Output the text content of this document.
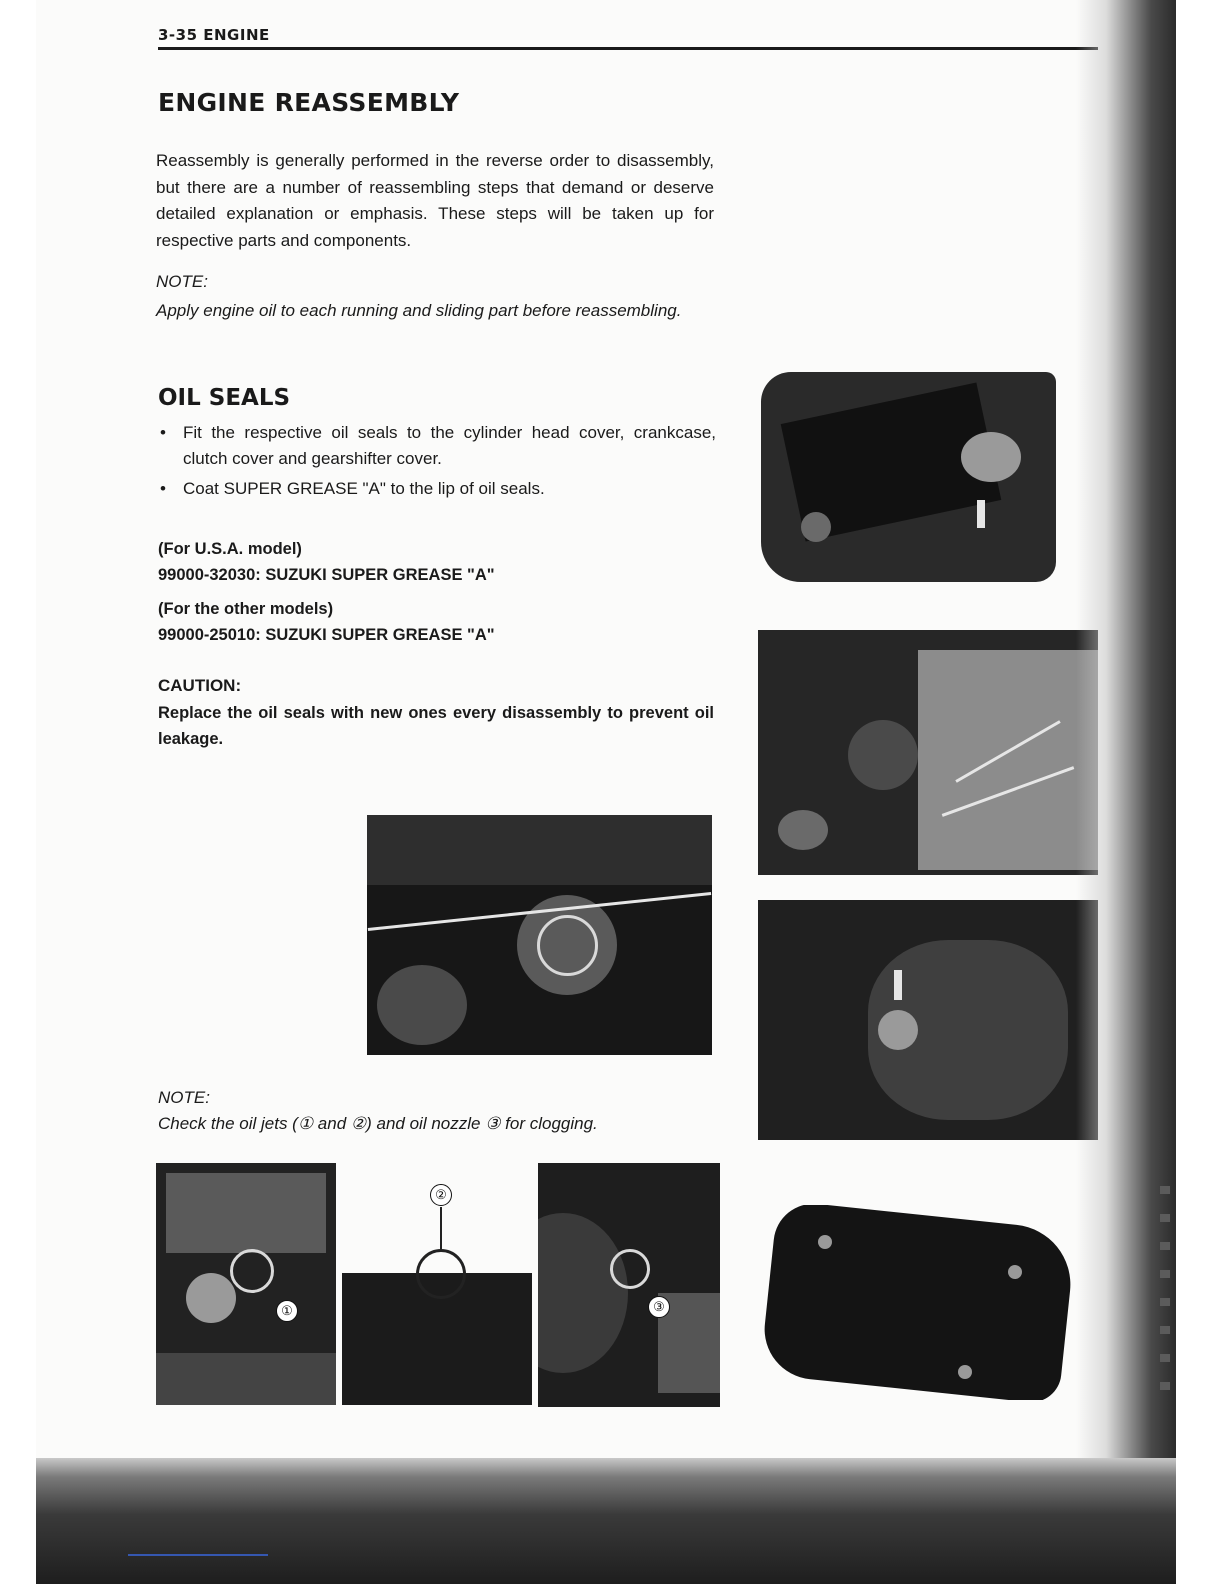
3-35 ENGINE
ENGINE REASSEMBLY
Reassembly is generally performed in the reverse order to disassembly, but there are a number of reassembling steps that demand or deserve detailed explanation or emphasis. These steps will be taken up for respective parts and components.
NOTE:
Apply engine oil to each running and sliding part before reassembling.
OIL SEALS
• Fit the respective oil seals to the cylinder head cover, crankcase, clutch cover and gearshifter cover.
• Coat SUPER GREASE "A" to the lip of oil seals.
(For U.S.A. model)
99000-32030: SUZUKI SUPER GREASE "A"
(For the other models)
99000-25010: SUZUKI SUPER GREASE "A"
CAUTION:
Replace the oil seals with new ones every disassembly to prevent oil leakage.
NOTE:
Check the oil jets (① and ②) and oil nozzle ③ for clogging.
①
②
③
